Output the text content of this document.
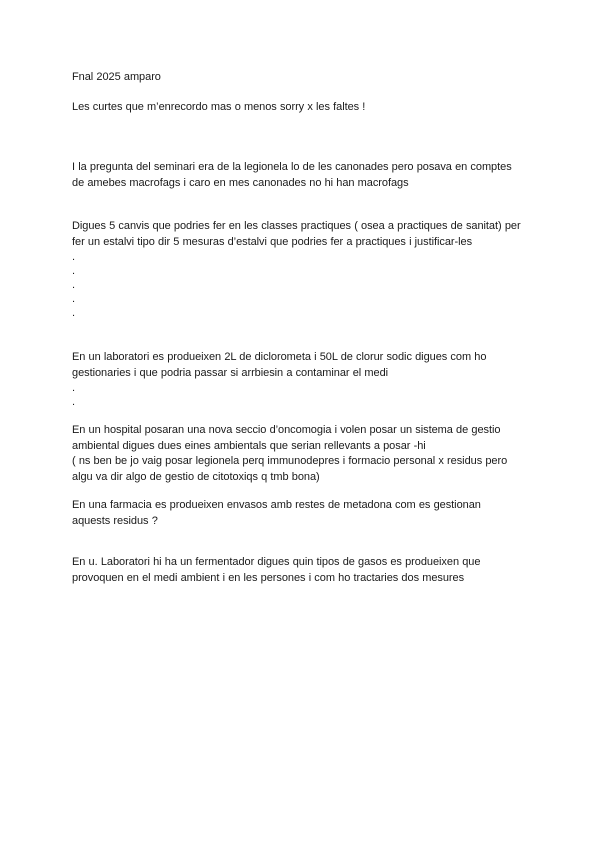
Fnal 2025 amparo
Les curtes que m’enrecordo mas o menos sorry x les faltes !
I la pregunta del seminari era de la legionela lo de les canonades pero posava en comptes
de amebes macrofags i caro en mes canonades no hi han macrofags
Digues 5 canvis que podries fer en les classes practiques ( osea a practiques de sanitat) per
fer un estalvi tipo dir 5 mesuras d’estalvi que podries fer a practiques i justificar-les
.
.
.
.
.
En un laboratori es produeixen 2L de diclorometa i 50L de clorur sodic digues com ho
gestionaries i que podria passar si arrbiesin a contaminar el medi
.
.
En un hospital posaran una nova seccio d’oncomogia i volen posar un sistema de gestio
ambiental digues dues eines ambientals que serian rellevants a posar -hi
( ns ben be jo vaig posar legionela perq immunodepres i formacio personal x residus pero
algu va dir algo de gestio de citotoxiqs q tmb bona)
En una farmacia es produeixen envasos amb restes de metadona com es gestionan
aquests residus ?
En u. Laboratori hi ha un fermentador digues quin tipos de gasos es produeixen que
provoquen en el medi ambient i en les persones i com ho tractaries dos mesures
